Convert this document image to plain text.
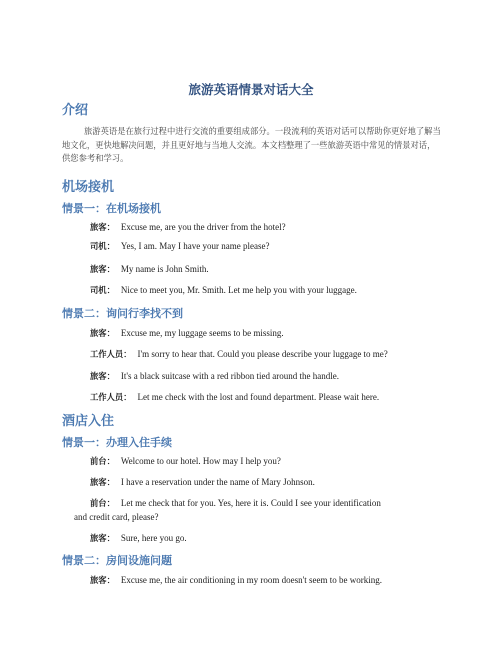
旅游英语情景对话大全
介绍
旅游英语是在旅行过程中进行交流的重要组成部分。一段流利的英语对话可以帮助你更好地了解当地文化，更快地解决问题，并且更好地与当地人交流。本文档整理了一些旅游英语中常见的情景对话，供您参考和学习。
机场接机
情景一：在机场接机
旅客： Excuse me, are you the driver from the hotel?
司机： Yes, I am. May I have your name please?
旅客： My name is John Smith.
司机： Nice to meet you, Mr. Smith. Let me help you with your luggage.
情景二：询问行李找不到
旅客： Excuse me, my luggage seems to be missing.
工作人员： I'm sorry to hear that. Could you please describe your luggage to me?
旅客： It's a black suitcase with a red ribbon tied around the handle.
工作人员： Let me check with the lost and found department. Please wait here.
酒店入住
情景一：办理入住手续
前台： Welcome to our hotel. How may I help you?
旅客： I have a reservation under the name of Mary Johnson.
前台： Let me check that for you. Yes, here it is. Could I see your identification
and credit card, please?
旅客： Sure, here you go.
情景二：房间设施问题
旅客： Excuse me, the air conditioning in my room doesn't seem to be working.
